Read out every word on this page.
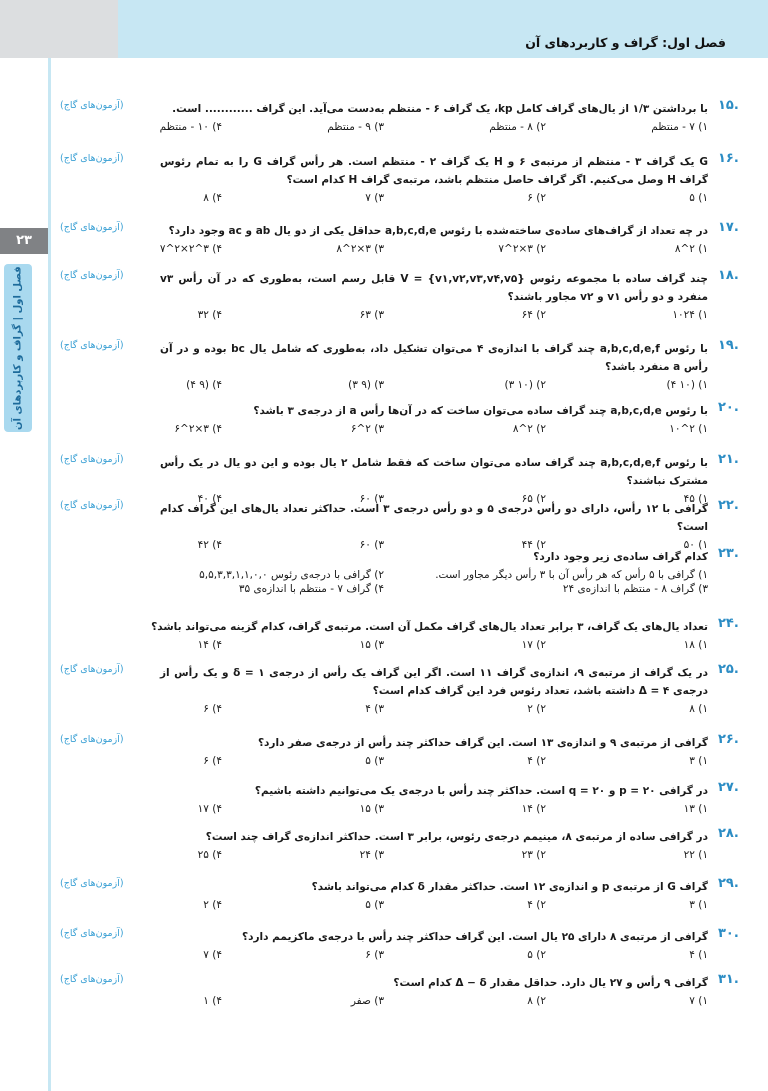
فصل اول: گراف و کاربردهای آن
۲۳
فصل اول | گراف و کاربردهای آن
.۱۵
(آزمون‌های گاج)	با برداشتن ۱/۳ از یال‌های گراف کامل kp، یک گراف ۶ - منتظم به‌دست می‌آید. این گراف ............ است.
۱) ۷ - منتظم
۲) ۸ - منتظم
۳) ۹ - منتظم
۴) ۱۰ - منتظم
.۱۶
(آزمون‌های گاج)	G یک گراف ۳ - منتظم از مرتبه‌ی ۶ و H یک گراف ۲ - منتظم است. هر رأس گراف G را به تمام رئوس گراف H وصل می‌کنیم. اگر گراف حاصل منتظم باشد، مرتبه‌ی گراف H کدام است؟
۱) ۵
۲) ۶
۳) ۷
۴) ۸
.۱۷
(آزمون‌های گاج)	در چه تعداد از گراف‌های ساده‌ی ساخته‌شده با رئوس a,b,c,d,e حداقل یکی از دو یال ab و ac وجود دارد؟
۱) ۲^۸
۲) ۳×۲^۷
۳) ۳×۲^۸
۴) ۳^۲×۲^۷
.۱۸
(آزمون‌های گاج)	چند گراف ساده با مجموعه رئوس V = {v۱,v۲,v۳,v۴,v۵} قابل رسم است، به‌طوری که در آن رأس v۳ منفرد و دو رأس v۱ و v۲ مجاور باشند؟
۱) ۱۰۲۴
۲) ۶۴
۳) ۶۳
۴) ۳۲
.۱۹
(آزمون‌های گاج)	با رئوس a,b,c,d,e,f چند گراف با اندازه‌ی ۴ می‌توان تشکیل داد، به‌طوری که شامل یال bc بوده و در آن رأس a منفرد باشد؟
۱) (۱۰ ۴)
۲) (۱۰ ۳)
۳) (۹ ۳)
۴) (۹ ۴)
.۲۰
با رئوس a,b,c,d,e چند گراف ساده می‌توان ساخت که در آن‌ها رأس a از درجه‌ی ۳ باشد؟
۱) ۲^۱۰
۲) ۲^۸
۳) ۲^۶
۴) ۳×۲^۶
.۲۱
(آزمون‌های گاج)	با رئوس a,b,c,d,e,f چند گراف ساده می‌توان ساخت که فقط شامل ۲ یال بوده و این دو یال در یک رأس مشترک نباشند؟
۱) ۴۵
۲) ۶۵
۳) ۶۰
۴) ۴۰	.۲۲
(آزمون‌های گاج)	گرافی با ۱۲ رأس، دارای دو رأس درجه‌ی ۵ و دو رأس درجه‌ی ۳ است. حداکثر تعداد یال‌های این گراف کدام است؟
۱) ۵۰
۲) ۴۴
۳) ۶۰
۴) ۴۲
.۲۳
کدام گراف ساده‌ی زیر وجود دارد؟
۱) گرافی با ۵ رأس که هر رأس آن با ۳ رأس دیگر مجاور است.
۲) گرافی با درجه‌ی رئوس ۵,۵,۳,۳,۱,۱,۰,۰
۳) گراف ۸ - منتظم با اندازه‌ی ۲۴
۴) گراف ۷ - منتظم با اندازه‌ی ۳۵
.۲۴
تعداد یال‌های یک گراف، ۳ برابر تعداد یال‌های گراف مکمل آن است. مرتبه‌ی گراف، کدام گزینه می‌تواند باشد؟
۱) ۱۸
۲) ۱۷
۳) ۱۵
۴) ۱۴
.۲۵
(آزمون‌های گاج)	در یک گراف از مرتبه‌ی ۹، اندازه‌ی گراف ۱۱ است. اگر این گراف یک رأس از درجه‌ی δ = ۱ و یک رأس از درجه‌ی Δ = ۴ داشته باشد، تعداد رئوس فرد این گراف کدام است؟
۱) ۸
۲) ۲
۳) ۴
۴) ۶
.۲۶
(آزمون‌های گاج)	گرافی از مرتبه‌ی ۹ و اندازه‌ی ۱۳ است. این گراف حداکثر چند رأس از درجه‌ی صفر دارد؟
۱) ۳
۲) ۴
۳) ۵
۴) ۶
.۲۷
در گرافی p = ۲۰ و q = ۲۰ است. حداکثر چند رأس با درجه‌ی یک می‌توانیم داشته باشیم؟
۱) ۱۳
۲) ۱۴
۳) ۱۵
۴) ۱۷
.۲۸
در گرافی ساده از مرتبه‌ی ۸، مینیمم درجه‌ی رئوس، برابر ۳ است. حداکثر اندازه‌ی گراف چند است؟
۱) ۲۲
۲) ۲۳
۳) ۲۴
۴) ۲۵
.۲۹
(آزمون‌های گاج)	گراف G از مرتبه‌ی p و اندازه‌ی ۱۲ است. حداکثر مقدار δ کدام می‌تواند باشد؟
۱) ۳
۲) ۴
۳) ۵
۴) ۲
.۳۰
(آزمون‌های گاج)	گرافی از مرتبه‌ی ۸ دارای ۲۵ یال است. این گراف حداکثر چند رأس با درجه‌ی ماکزیمم دارد؟
۱) ۴
۲) ۵
۳) ۶
۴) ۷
.۳۱
(آزمون‌های گاج)	گرافی ۹ رأس و ۲۷ یال دارد. حداقل مقدار Δ − δ کدام است؟
۱) ۷
۲) ۸
۳) صفر
۴) ۱
